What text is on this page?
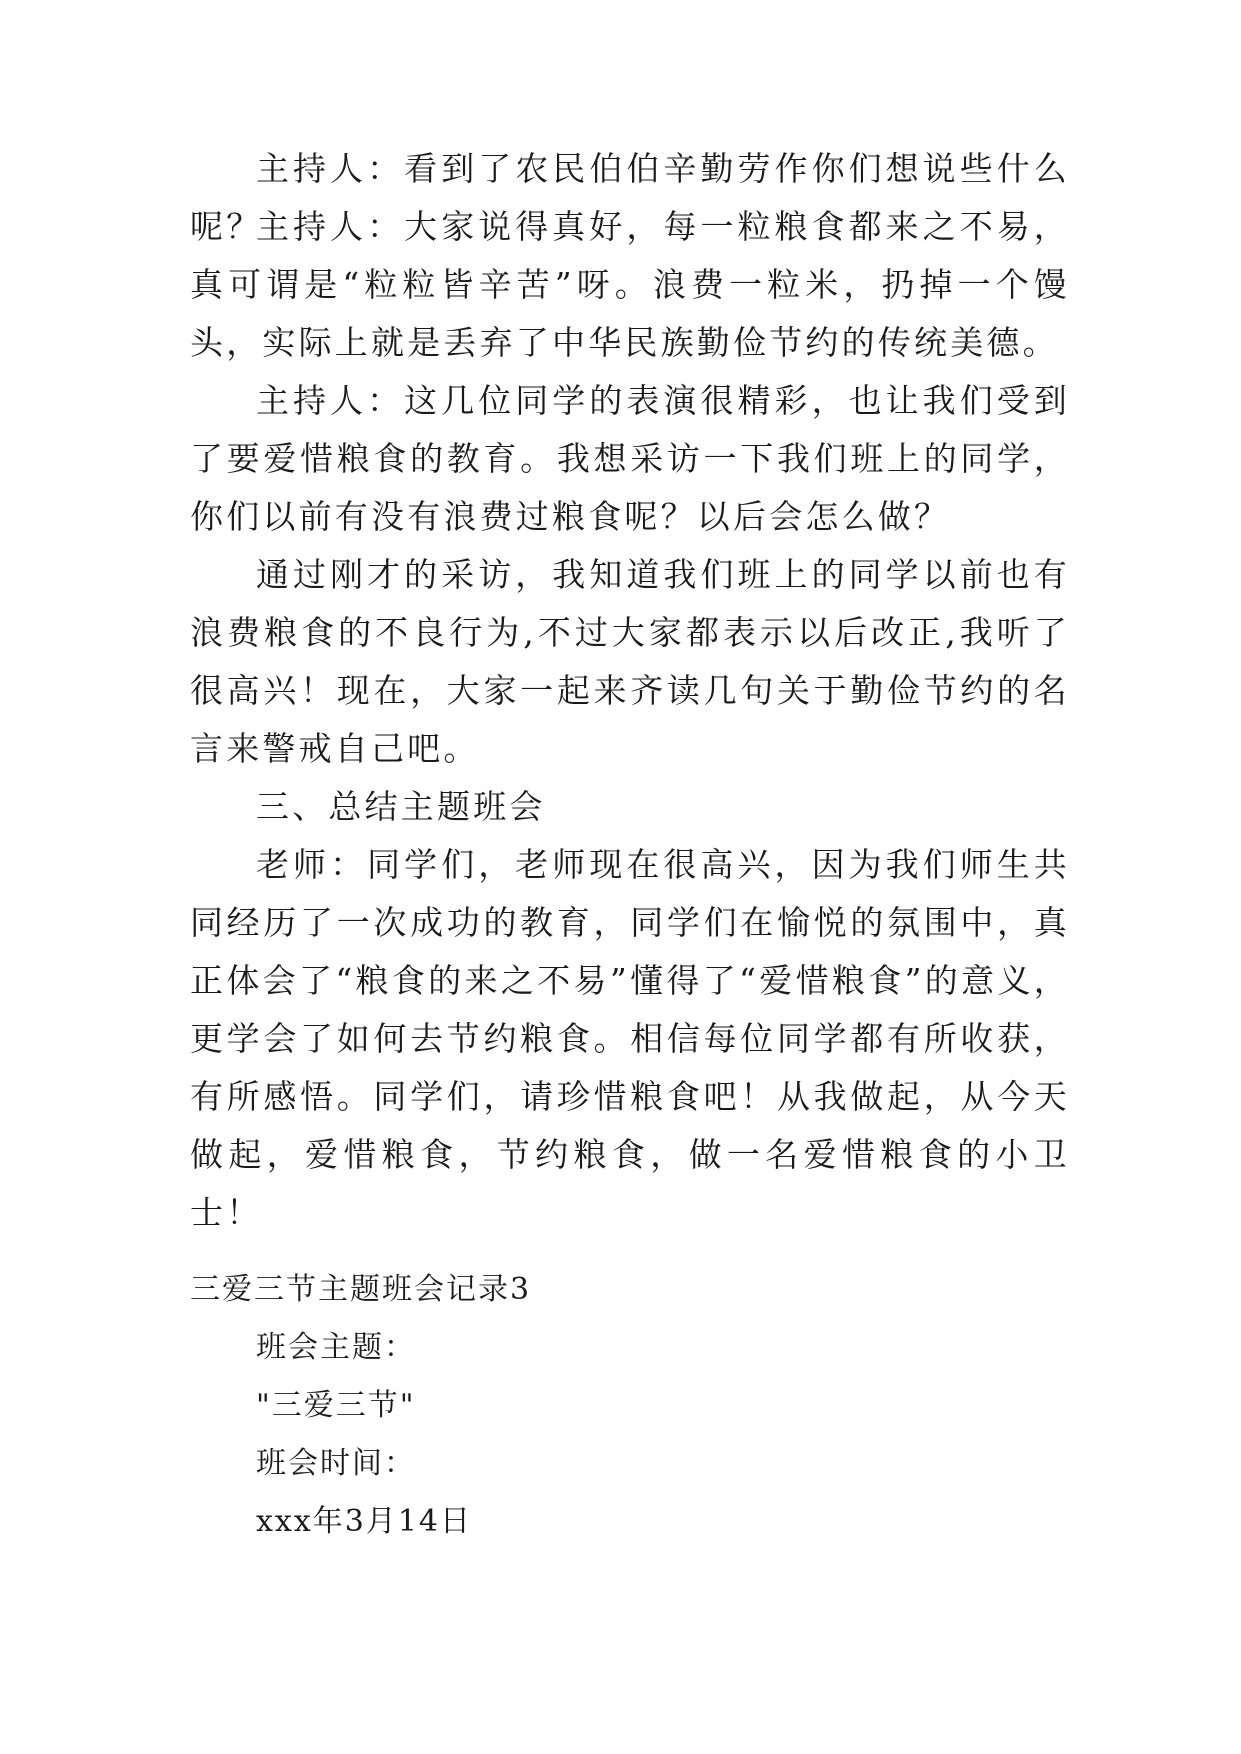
主持人：看到了农民伯伯辛勤劳作你们想说些什么呢？

主持人：大家说得真好，每一粒粮食都来之不易，真可谓是“粒粒皆辛苦”呀。浪费一粒米，扔掉一个馒头，实际上就是丢弃了中华民族勤俭节约的传统美德。

主持人：这几位同学的表演很精彩，也让我们受到了要爱惜粮食的教育。我想采访一下我们班上的同学，你们以前有没有浪费过粮食呢？以后会怎么做？

通过刚才的采访，我知道我们班上的同学以前也有浪费粮食的不良行为,不过大家都表示以后改正,我听了很高兴！现在，大家一起来齐读几句关于勤俭节约的名言来警戒自己吧。

三、总结主题班会

老师：同学们，老师现在很高兴，因为我们师生共同经历了一次成功的教育，同学们在愉悦的氛围中，真正体会了“粮食的来之不易”懂得了“爱惜粮食”的意义，更学会了如何去节约粮食。相信每位同学都有所收获，有所感悟。同学们，请珍惜粮食吧！从我做起，从今天做起，爱惜粮食，节约粮食，做一名爱惜粮食的小卫士！

三爱三节主题班会记录3

班会主题：

"三爱三节"

班会时间：

xxx年3月14日
